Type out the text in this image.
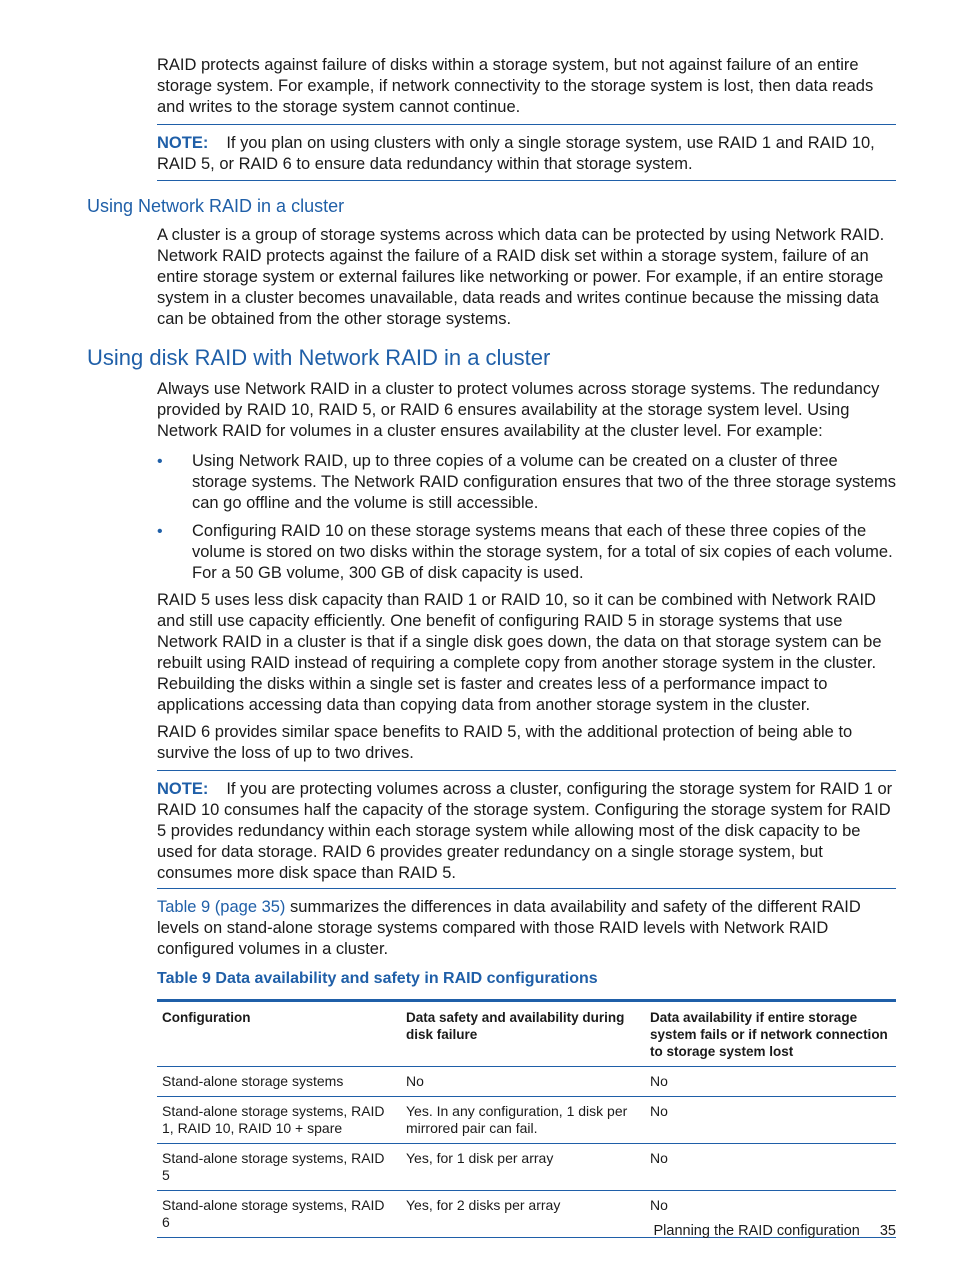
RAID protects against failure of disks within a storage system, but not against failure of an entire storage system. For example, if network connectivity to the storage system is lost, then data reads and writes to the storage system cannot continue.

NOTE: If you plan on using clusters with only a single storage system, use RAID 1 and RAID 10, RAID 5, or RAID 6 to ensure data redundancy within that storage system.

Using Network RAID in a cluster

A cluster is a group of storage systems across which data can be protected by using Network RAID. Network RAID protects against the failure of a RAID disk set within a storage system, failure of an entire storage system or external failures like networking or power. For example, if an entire storage system in a cluster becomes unavailable, data reads and writes continue because the missing data can be obtained from the other storage systems.

Using disk RAID with Network RAID in a cluster

Always use Network RAID in a cluster to protect volumes across storage systems. The redundancy provided by RAID 10, RAID 5, or RAID 6 ensures availability at the storage system level. Using Network RAID for volumes in a cluster ensures availability at the cluster level. For example:

• Using Network RAID, up to three copies of a volume can be created on a cluster of three storage systems. The Network RAID configuration ensures that two of the three storage systems can go offline and the volume is still accessible.
• Configuring RAID 10 on these storage systems means that each of these three copies of the volume is stored on two disks within the storage system, for a total of six copies of each volume. For a 50 GB volume, 300 GB of disk capacity is used.

RAID 5 uses less disk capacity than RAID 1 or RAID 10, so it can be combined with Network RAID and still use capacity efficiently. One benefit of configuring RAID 5 in storage systems that use Network RAID in a cluster is that if a single disk goes down, the data on that storage system can be rebuilt using RAID instead of requiring a complete copy from another storage system in the cluster. Rebuilding the disks within a single set is faster and creates less of a performance impact to applications accessing data than copying data from another storage system in the cluster.

RAID 6 provides similar space benefits to RAID 5, with the additional protection of being able to survive the loss of up to two drives.

NOTE: If you are protecting volumes across a cluster, configuring the storage system for RAID 1 or RAID 10 consumes half the capacity of the storage system. Configuring the storage system for RAID 5 provides redundancy within each storage system while allowing most of the disk capacity to be used for data storage. RAID 6 provides greater redundancy on a single storage system, but consumes more disk space than RAID 5.

Table 9 (page 35) summarizes the differences in data availability and safety of the different RAID levels on stand-alone storage systems compared with those RAID levels with Network RAID configured volumes in a cluster.

Table 9 Data availability and safety in RAID configurations

Configuration	Data safety and availability during disk failure	Data availability if entire storage system fails or if network connection to storage system lost
Stand-alone storage systems	No	No
Stand-alone storage systems, RAID 1, RAID 10, RAID 10 + spare	Yes. In any configuration, 1 disk per mirrored pair can fail.	No
Stand-alone storage systems, RAID 5	Yes, for 1 disk per array	No
Stand-alone storage systems, RAID 6	Yes, for 2 disks per array	No
Planning the RAID configuration 35
